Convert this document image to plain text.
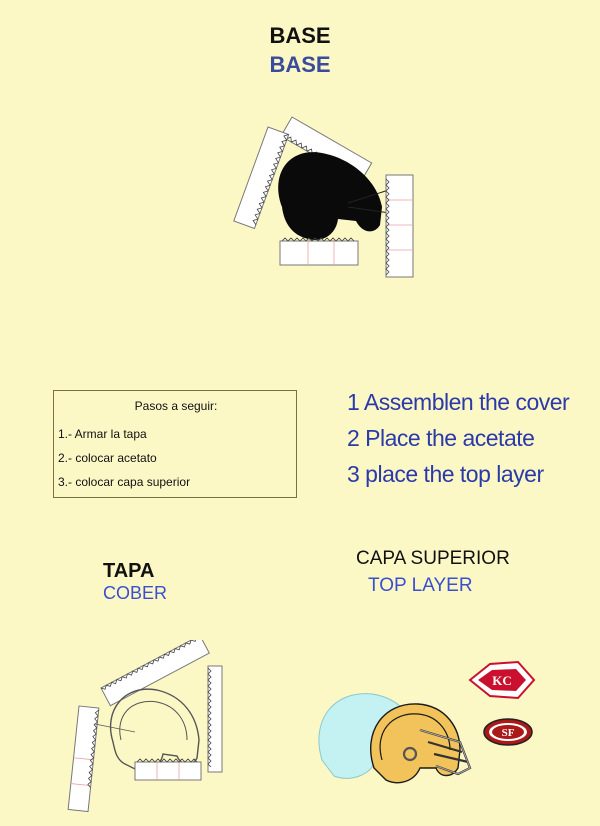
BASE
BASE
Pasos a seguir:
1.- Armar la tapa
2.- colocar acetato
3.- colocar capa superior
1 Assemblen the cover
2 Place the acetate
3 place the top layer
TAPA
COBER
CAPA SUPERIOR
TOP LAYER
KC
SF
